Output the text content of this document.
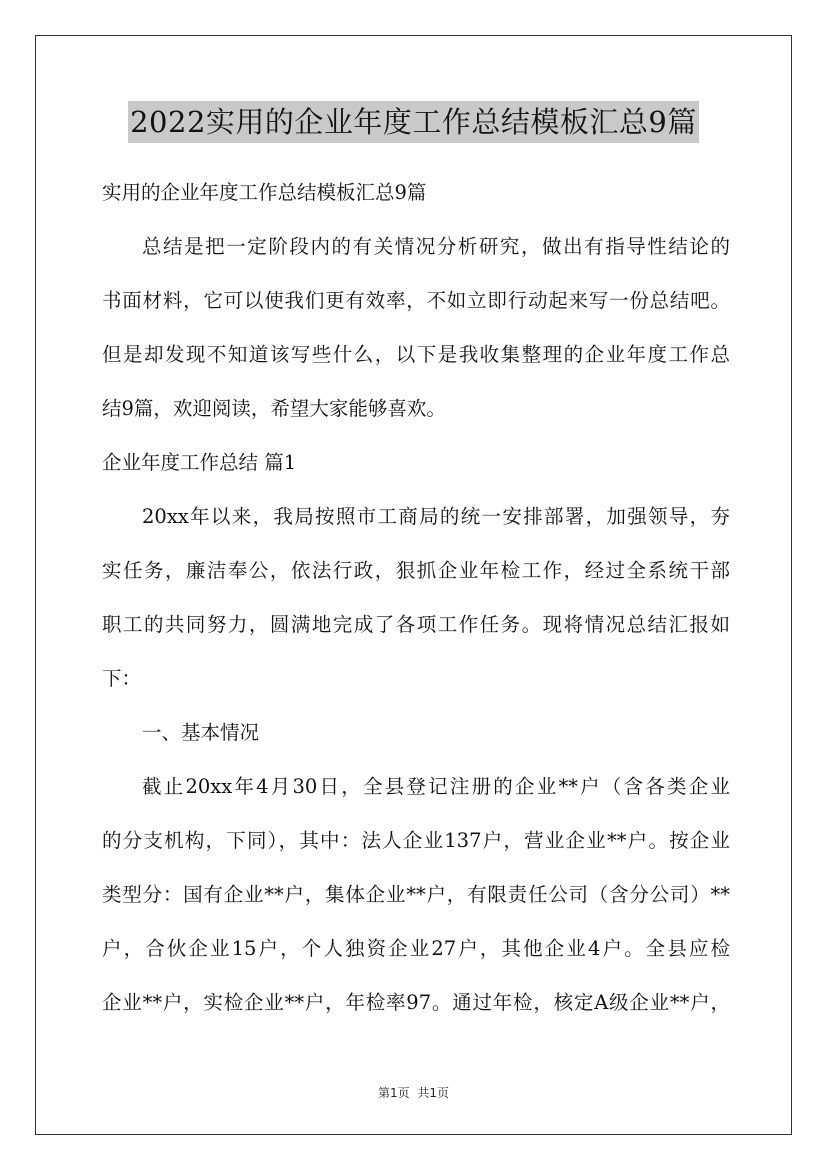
2022实用的企业年度工作总结模板汇总9篇
实用的企业年度工作总结模板汇总9篇
总结是把一定阶段内的有关情况分析研究，做出有指导性结论的
书面材料，它可以使我们更有效率，不如立即行动起来写一份总结吧。
但是却发现不知道该写些什么，以下是我收集整理的企业年度工作总
结9篇，欢迎阅读，希望大家能够喜欢。
企业年度工作总结 篇1
20xx年以来，我局按照市工商局的统一安排部署，加强领导，夯
实任务，廉洁奉公，依法行政，狠抓企业年检工作，经过全系统干部
职工的共同努力，圆满地完成了各项工作任务。现将情况总结汇报如
下：
一、基本情况
截止20xx年4月30日，全县登记注册的企业**户（含各类企业
的分支机构，下同），其中：法人企业137户，营业企业**户。按企业
类型分：国有企业**户，集体企业**户，有限责任公司（含分公司）**
户，合伙企业15户，个人独资企业27户，其他企业4户。全县应检
企业**户，实检企业**户，年检率97。通过年检，核定A级企业**户，
第1页 共1页
